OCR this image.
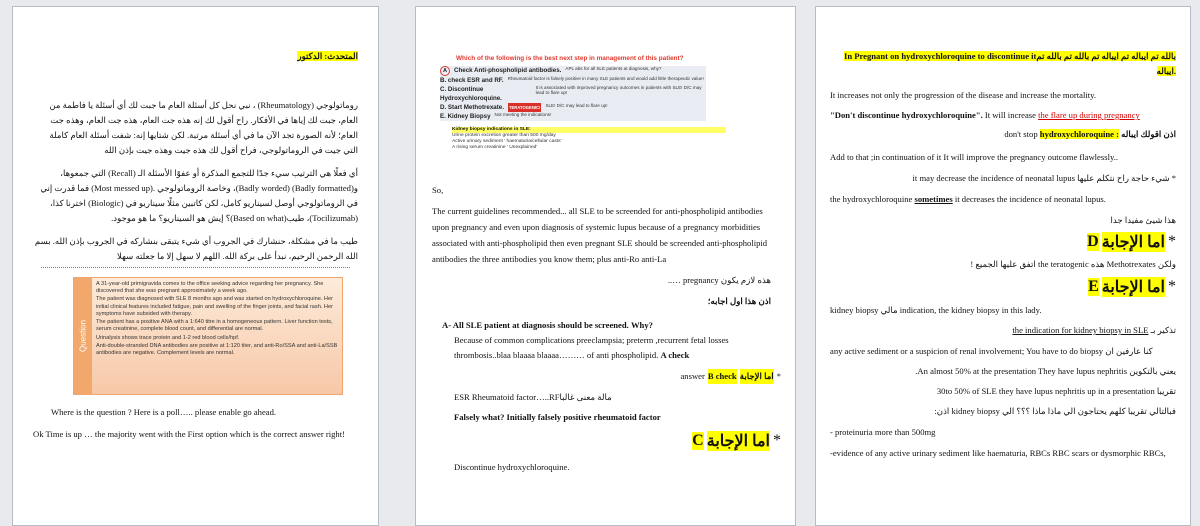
المتحدث: الدكتور

روماتولوجي (Rheumatology) ، نبي نحل كل أسئلة العام ما جبت لك أي أسئلة يا فاطمة من العام، جبت لك إياها في الأفكار. راح أقول لك إنه هذه جت العام، هذه جت العام، وهذه جت العام؛ لأنه الصورة تجد الآن ما في أي أسئلة مرتبة. لكن شتايها إنه: شفت أسئلة العام كاملة التي جيت في الروماتولوجي، فراح أقول لك هذه جيت وهذه جيت بإذن الله

أي فعلًا هي الترتيب سيء جدًا للتجمع المذكرة أو عفوًا الأسئلة الـ (Recall) التي جمعوها، و(Badly formatted) (Badly worded)، وخاصة الروماتولوجي .(Most messed up) فما قدرت إني في الروماتولوجي أوصل لسيناريو كامل، لكن كاتبين مثلًا سيناريو في (Biologic) اخترنا كذا، (Tocilizumab)، طيب(Based on what)؟ إيش هو السيناريو؟ ما هو موجود.

طيب ما في مشكلة، حنشارك في الجروب أي شيء يتبقى بنشاركه في الجروب بإذن الله. بسم الله الرحمن الرحيم، نبدأ على بركة الله. اللهم لا سهل إلا ما جعلته سهلا

Question

A 31-year-old primigravida comes to the office seeking advice regarding her pregnancy. She discovered that she was pregnant approximately a week ago.

The patient was diagnosed with SLE 8 months ago and was started on hydroxychloroquine. Her initial clinical features included fatigue, pain and swelling of the finger joints, and facial rash. Her symptoms have subsided with therapy.

The patient has a positive ANA with a 1:640 titre in a homogeneous pattern. Liver function tests, serum creatinine, complete blood count, and differential are normal.

Urinalysis shows trace protein and 1-2 red blood cells/hpf.

Anti-double-stranded DNA antibodies are positive at 1:120 titer, and anti-Ro/SSA and anti-La/SSB antibodies are negative. Complement levels are normal.

Where is the question ? Here is a poll….. please enable go ahead.

Ok Time is up … the majority went with the First option which is the correct answer right!

Which of the following is the best next step in management of this patient?

A	Check Anti-phospholipid antibodies. APL abs for all SLE patients at diagnosis, why?
B. check ESR and RF. Rheumatoid factor is falsely positive in many SLE patients and would add little therapeutic value!
C. Discontinue Hydroxychloroquine.
It is associated with improved pregnancy outcomes in patients with SLE! D/C may lead to flare up!
D. Start Methotrexate. TERATOGENIC! SLE! D/C may lead to flare up!
E. Kidney Biopsy Not meeting the indications!
Kidney biopsy indications in SLE:
Urine protein excretion greater than 500 mg/day
Active urinary sediment ' haematuria/cellular casts'
A rising serum creatinine ' Unexplained'

So,

The current guidelines recommended... all SLE to be screended for anti-phospholipid antibodies upon pregnancy and even upon diagnosis of systemic lupus because of a pregnancy morbidities associated with anti-phospholipid then even pregnant SLE should be screended anti-phospholipid antibodies the three antibodies you know them; plus anti-Ro anti-La

هذه لازم يكون pregnancy …..

اذن هذا اول اجابه؛

A- All SLE patient at diagnosis should be screened. Why?

Because of common complications preeclampsia; preterm ,recurrent fetal losses thrombosis..blaa blaaaa blaaaa……… of anti phospholipid. A check

answer B check اما الإجابة *

ESR Rheumatoid factor…..RFمالة معنى غالبا

Falsely what? Initially falsely positive rheumatoid factor

C اما الإجابة *

Discontinue hydroxychloroquine.

In Pregnant on hydroxychloroquine to discontinue itبالله تم ايباله تم ايباله تم بالله تم بالله تم ايباله.

It increases not only the progression of the disease and increase the mortality.

"Don't discontinue hydroxychloroquine". It will increase the flare up during pregnancy

don't stop hydroxychloroquine : اذن اقولك ايباله

Add to that ;in continuation of it It will improve the pregnancy outcome flawlessly..

* شيء حاجة راح نتكلم عليها it may decrease the incidence of neonatal lupus

the hydroxychloroquine sometimes it decreases the incidence of neonatal lupus.

هذا شيئ مفيدا جدا

D اما الإجابة *

ولكن Methotrexates هذه the teratogenic اتفق عليها الجميع !

E اما الإجابة *

kidney biopsy مالي indication, the kidney biopsy in this lady.

the indication for kidney biopsy in SLE تذكير بـ

any active sediment or a suspicion of renal involvement; You have to do biopsy كنا عارفين ان

يعني بالتكوين An almost 50% at the presentation They have lupus nephritis.

تقريبا 30to 50% of SLE they have lupus nephritis up in a presentation

فبالتالي تقريبا كلهم يحتاجون الي ماذا ماذا ؟؟؟ الي kidney biopsy اذن:

- proteinuria more than 500mg

-evidence of any active urinary sediment like haematuria, RBCs RBC scars or dysmorphic RBCs,
